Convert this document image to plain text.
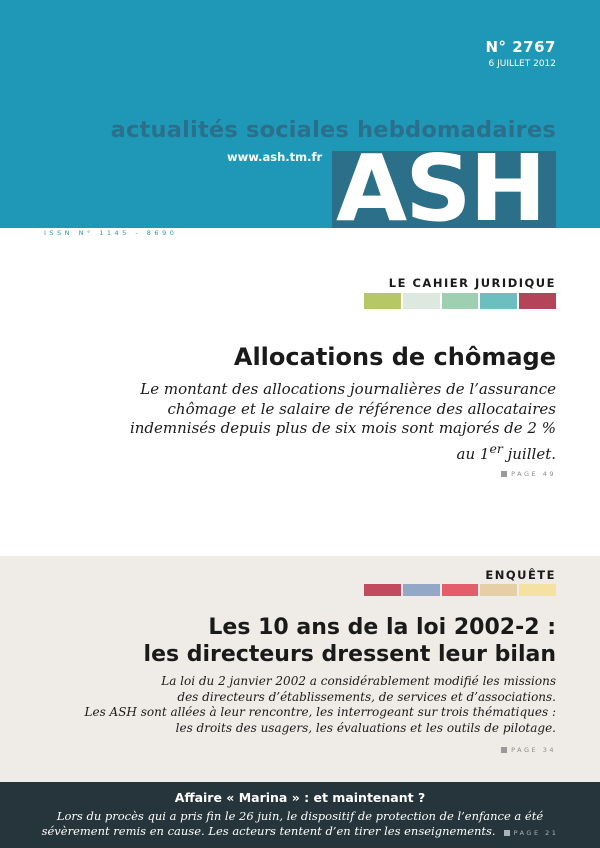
N° 2767
6 JUILLET 2012
actualités sociales hebdomadaires
www.ash.tm.fr ASH
ISSN N° 1145 - 8690
LE CAHIER JURIDIQUE
Allocations de chômage

Le montant des allocations journalières de l’assurance chômage et le salaire de référence des allocataires indemnisés depuis plus de six mois sont majorés de 2 % au 1er juillet.

PAGE 49
ENQUÊTE
Les 10 ans de la loi 2002-2 :
les directeurs dressent leur bilan
La loi du 2 janvier 2002 a considérablement modifié les missions
des directeurs d’établissements, de services et d’associations.
Les ASH sont allées à leur rencontre, les interrogeant sur trois thématiques :
les droits des usagers, les évaluations et les outils de pilotage.
PAGE 34
Affaire « Marina » : et maintenant ?
Lors du procès qui a pris fin le 26 juin, le dispositif de protection de l’enfance a été
sévèrement remis en cause. Les acteurs tentent d’en tirer les enseignements.	PAGE 21
